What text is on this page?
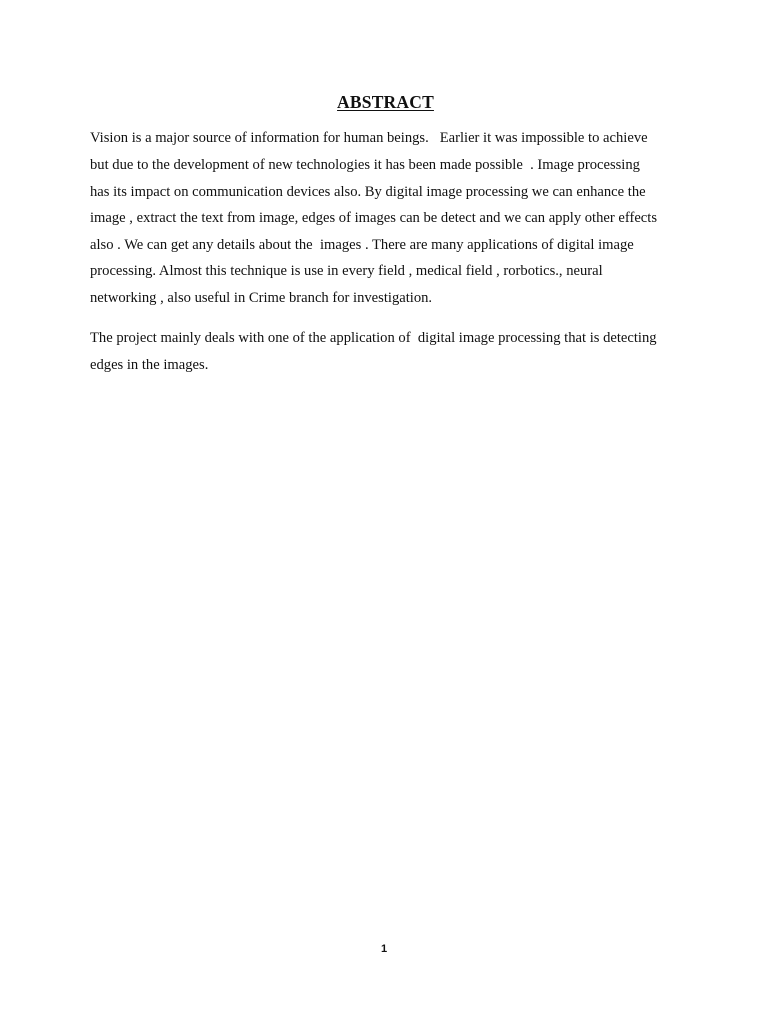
ABSTRACT
Vision is a major source of information for human beings.   Earlier it was impossible to achieve
but due to the development of new technologies it has been made possible  . Image processing
has its impact on communication devices also. By digital image processing we can enhance the
image , extract the text from image, edges of images can be detect and we can apply other effects
also . We can get any details about the  images . There are many applications of digital image
processing. Almost this technique is use in every field , medical field , rorbotics., neural
networking , also useful in Crime branch for investigation.
The project mainly deals with one of the application of  digital image processing that is detecting
edges in the images.
1
